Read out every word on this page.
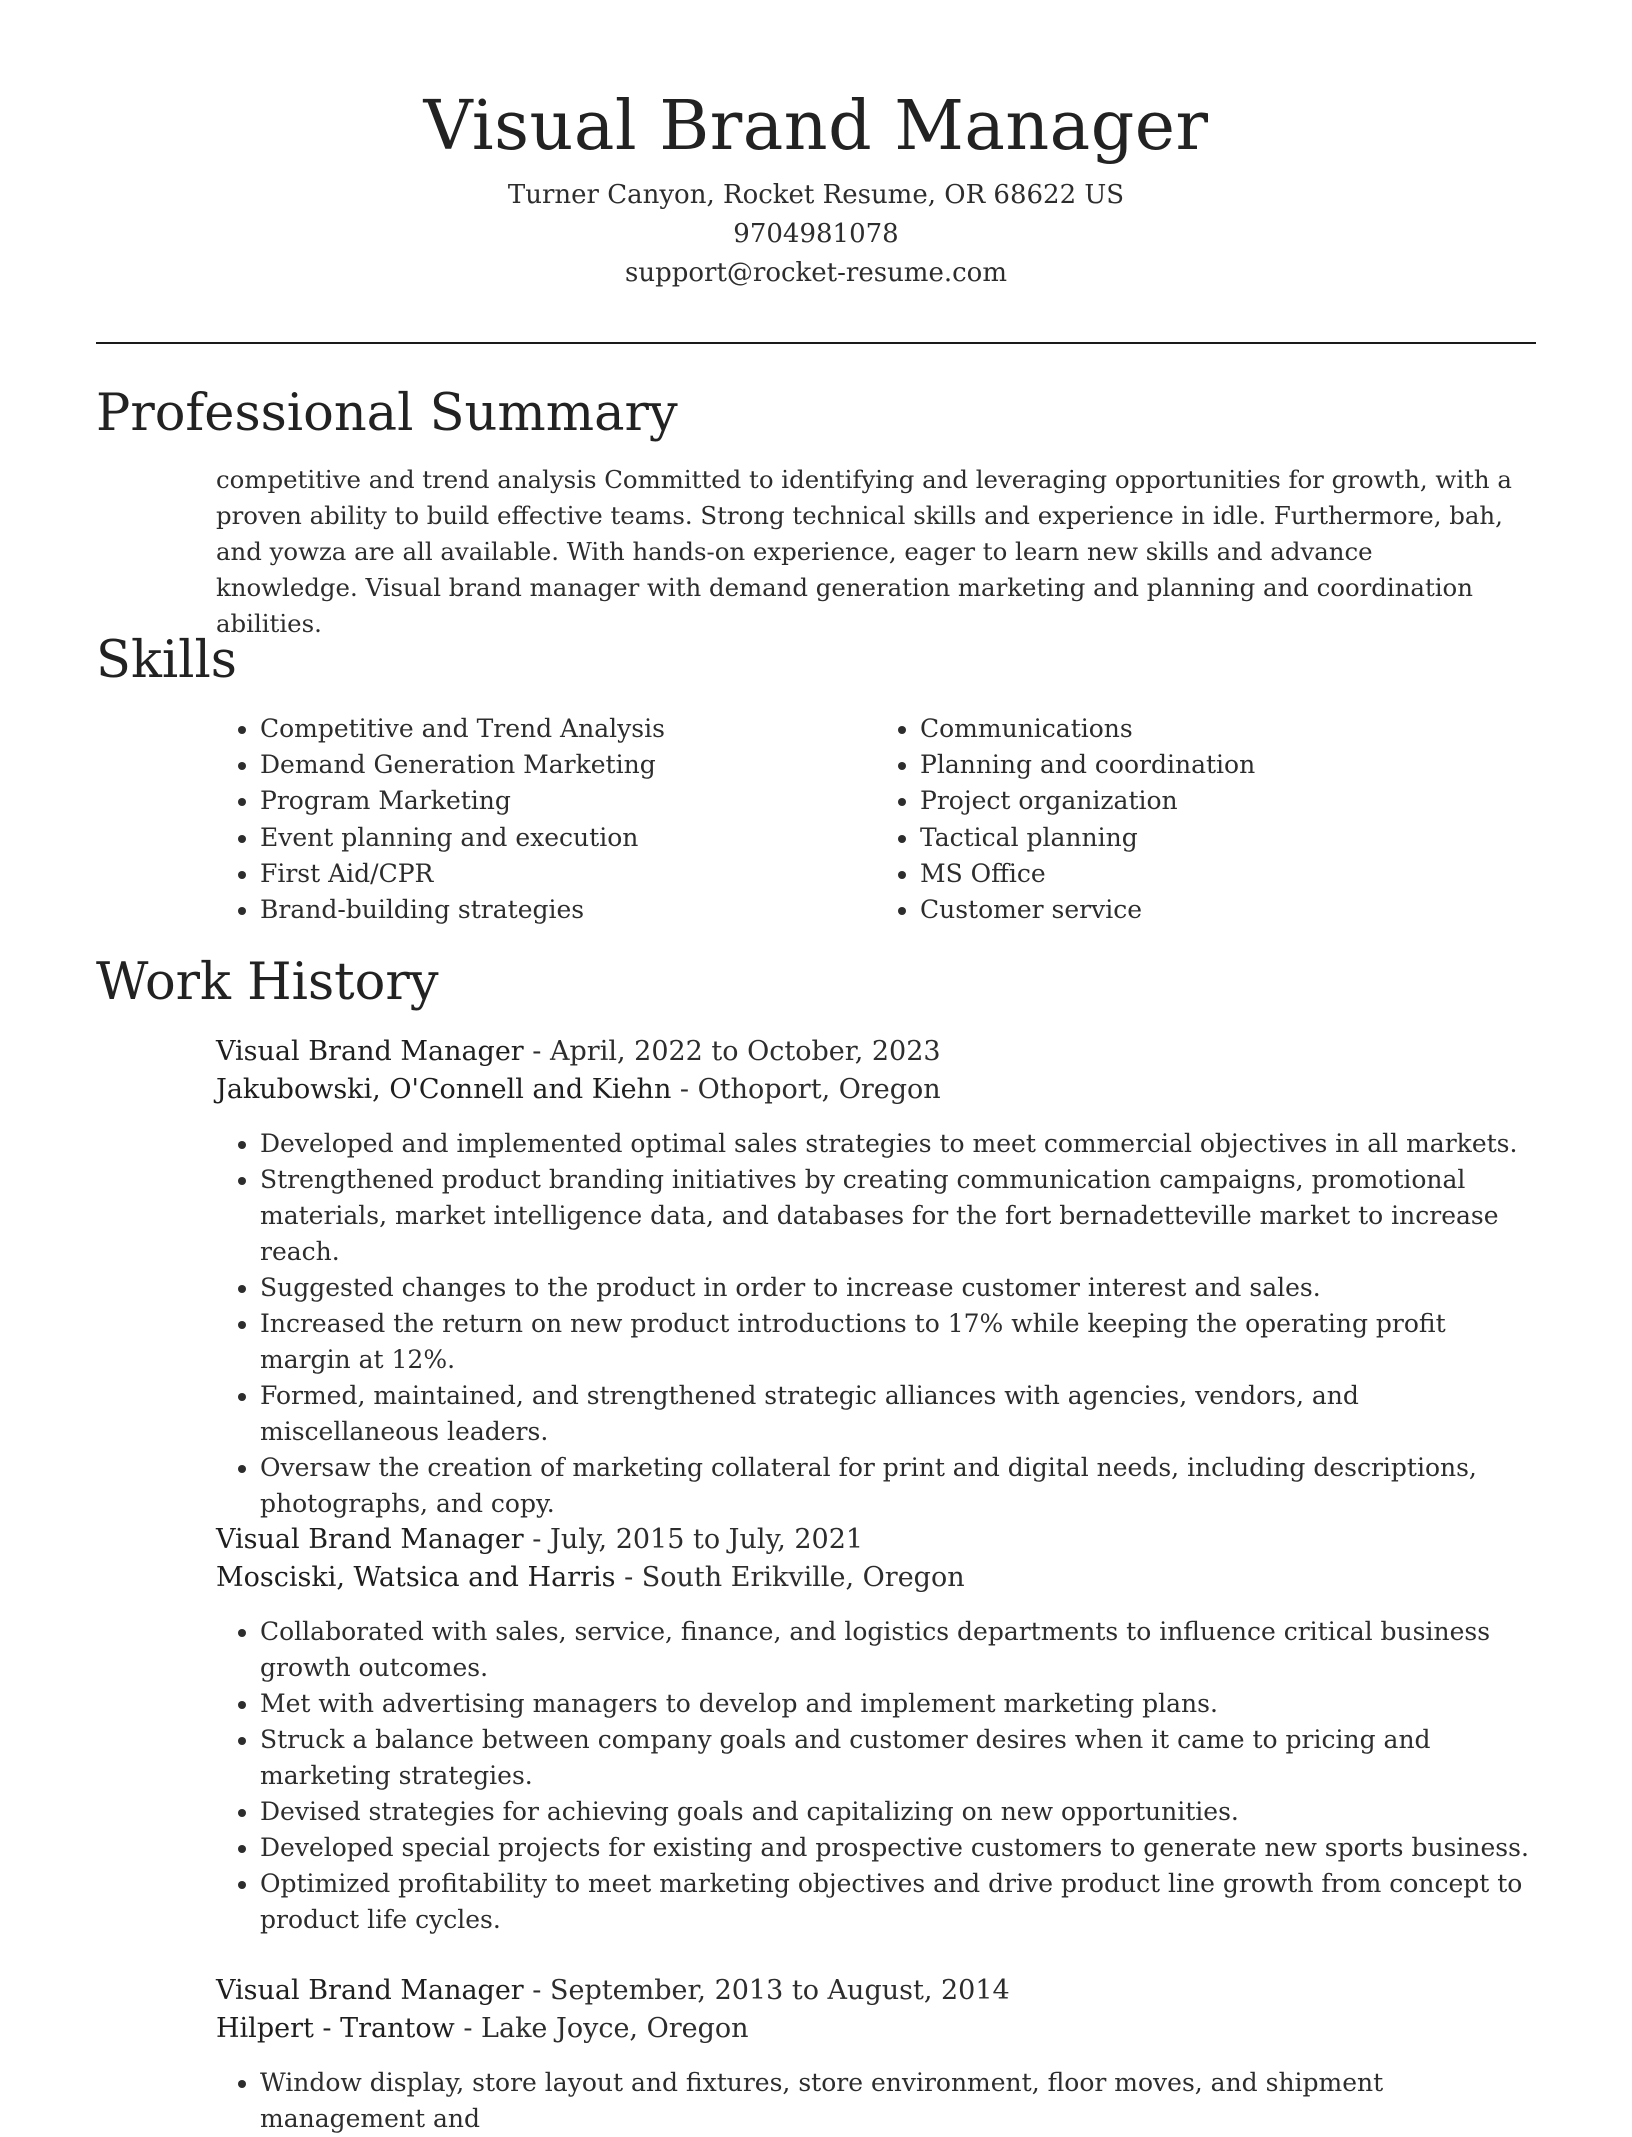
Visual Brand Manager
Turner Canyon, Rocket Resume, OR 68622 US
9704981078
support@rocket-resume.com
Professional Summary

competitive and trend analysis Committed to identifying and leveraging opportunities for growth, with a proven ability to build effective teams. Strong technical skills and experience in idle. Furthermore, bah, and yowza are all available. With hands-on experience, eager to learn new skills and advance knowledge. Visual brand manager with demand generation marketing and planning and coordination abilities.

Skills
• Competitive and Trend Analysis
• Demand Generation Marketing
• Program Marketing
• Event planning and execution
• First Aid/CPR
• Brand-building strategies
• Communications
• Planning and coordination
• Project organization
• Tactical planning
• MS Office
• Customer service
Work History
Visual Brand Manager - April, 2022 to October, 2023
Jakubowski, O'Connell and Kiehn - Othoport, Oregon
• Developed and implemented optimal sales strategies to meet commercial objectives in all markets.
• Strengthened product branding initiatives by creating communication campaigns, promotional materials, market intelligence data, and databases for the fort bernadetteville market to increase reach.
• Suggested changes to the product in order to increase customer interest and sales.
• Increased the return on new product introductions to 17% while keeping the operating profit margin at 12%.
• Formed, maintained, and strengthened strategic alliances with agencies, vendors, and miscellaneous leaders.
• Oversaw the creation of marketing collateral for print and digital needs, including descriptions, photographs, and copy.
Visual Brand Manager - July, 2015 to July, 2021
Mosciski, Watsica and Harris - South Erikville, Oregon
• Collaborated with sales, service, finance, and logistics departments to influence critical business growth outcomes.
• Met with advertising managers to develop and implement marketing plans.
• Struck a balance between company goals and customer desires when it came to pricing and marketing strategies.
• Devised strategies for achieving goals and capitalizing on new opportunities.
• Developed special projects for existing and prospective customers to generate new sports business.
• Optimized profitability to meet marketing objectives and drive product line growth from concept to product life cycles.
Visual Brand Manager - September, 2013 to August, 2014
Hilpert - Trantow - Lake Joyce, Oregon
• Window display, store layout and fixtures, store environment, floor moves, and shipment management and
